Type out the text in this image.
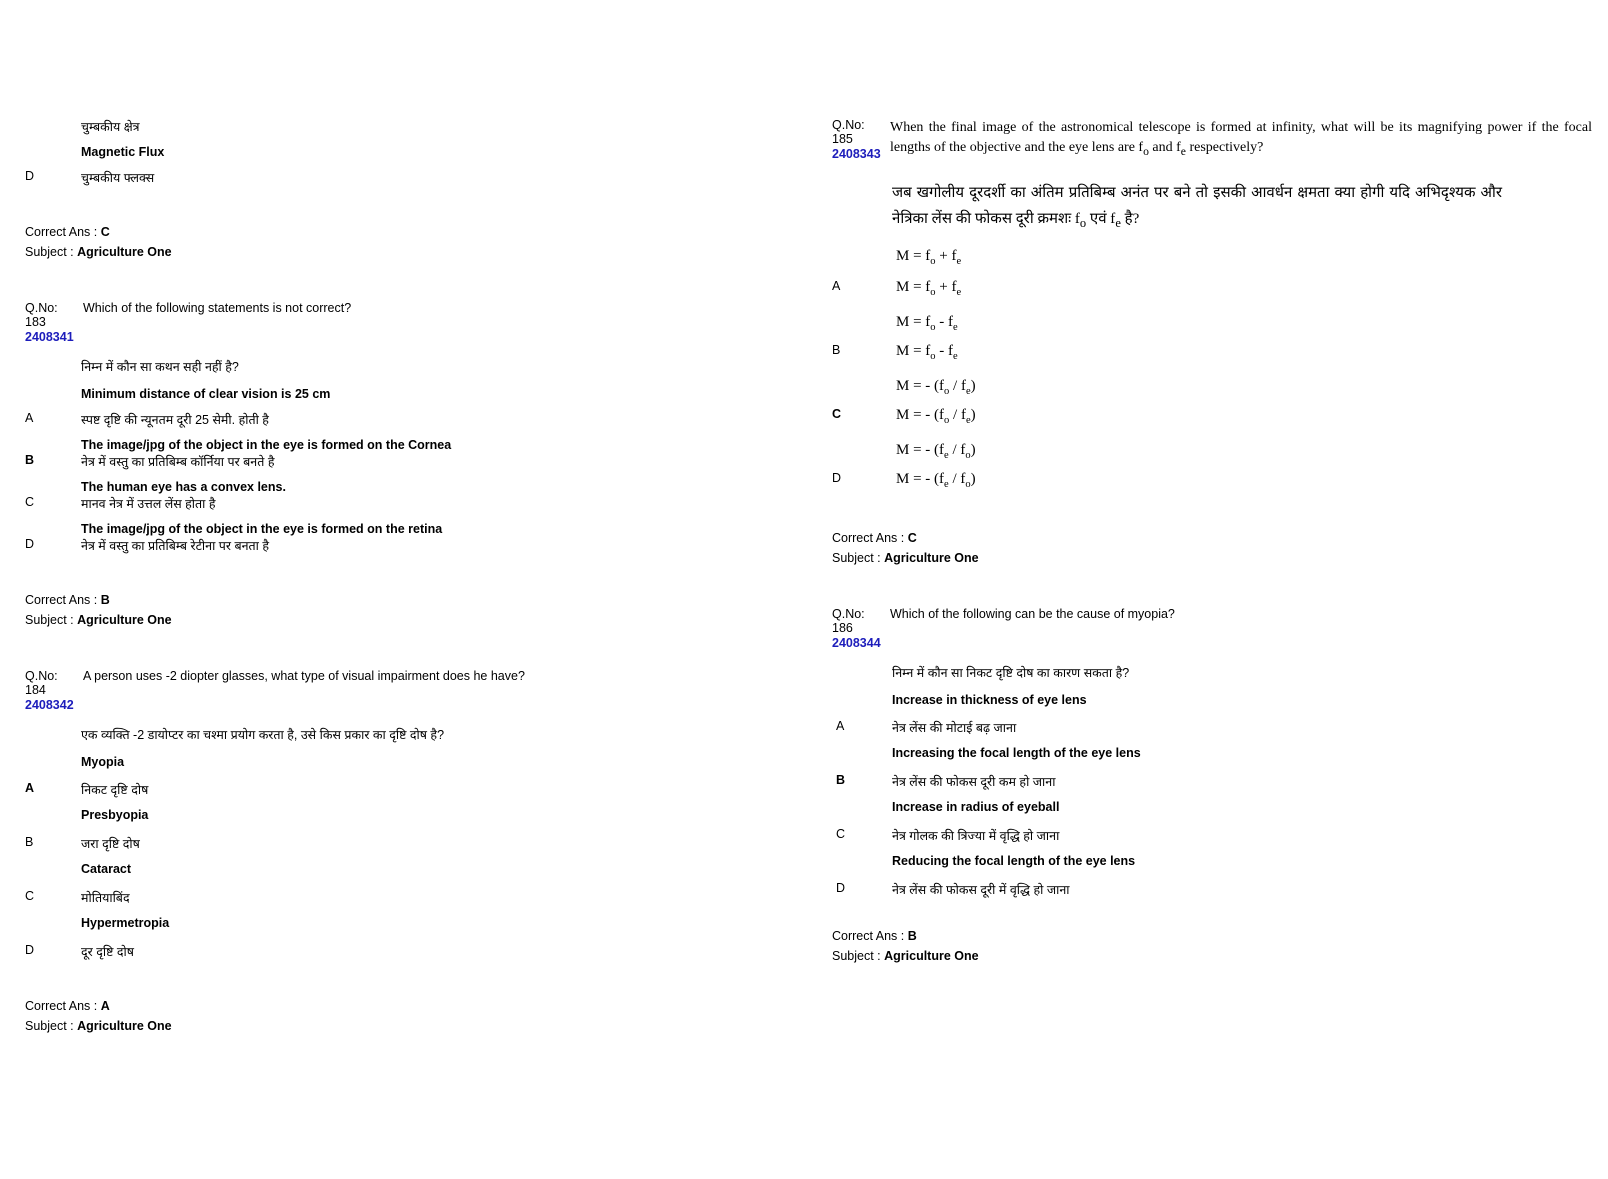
चुम्बकीय क्षेत्र
Magnetic Flux
D	चुम्बकीय फ्लक्स
Correct Ans : C
Subject : Agriculture One
Q.No: 183
2408341
Which of the following statements is not correct?
निम्न में कौन सा कथन सही नहीं है?
Minimum distance of clear vision is 25 cm
A	स्पष्ट दृष्टि की न्यूनतम दूरी 25 सेमी. होती है
The image/jpg of the object in the eye is formed on the Cornea
B	नेत्र में वस्तु का प्रतिबिम्ब कॉर्निया पर बनते है
The human eye has a convex lens.
C	मानव नेत्र में उत्तल लेंस होता है
The image/jpg of the object in the eye is formed on the retina
D	नेत्र में वस्तु का प्रतिबिम्ब रेटीना पर बनता है
Correct Ans : B
Subject : Agriculture One
Q.No: 184
2408342
A person uses -2 diopter glasses, what type of visual impairment does he have?
एक व्यक्ति -2 डायोप्टर का चश्मा प्रयोग करता है, उसे किस प्रकार का दृष्टि दोष है?
Myopia
A	निकट दृष्टि दोष
Presbyopia
B	जरा दृष्टि दोष
Cataract
C	मोतियाबिंद
Hypermetropia
D	दूर दृष्टि दोष
Correct Ans : A
Subject : Agriculture One
Q.No: 185
2408343
When the final image of the astronomical telescope is formed at infinity, what will be its magnifying power if the focal lengths of the objective and the eye lens are $f_o$ and $f_e$ respectively?
जब खगोलीय दूरदर्शी का अंतिम प्रतिबिम्ब अनंत पर बने तो इसकी आवर्धन क्षमता क्या होगी यदि अभिदृश्यक और नेत्रिका लेंस की फोकस दूरी क्रमशः $f_o$ एवं $f_e$ है?
$M = f_o + f_e$
A	$M = f_o + f_e$
$M = f_o - f_e$
B	$M = f_o - f_e$
M = - $(f_o / f_e)$
C	M = - $(f_o / f_e)$
M = - $(f_e / f_o)$
D	M = - $(f_e / f_o)$
Correct Ans : C
Subject : Agriculture One
Q.No: 186
2408344
Which of the following can be the cause of myopia?
निम्न में कौन सा निकट दृष्टि दोष का कारण सकता है?
Increase in thickness of eye lens
A	नेत्र लेंस की मोटाई बढ़ जाना
Increasing the focal length of the eye lens
B	नेत्र लेंस की फोकस दूरी कम हो जाना
Increase in radius of eyeball
C	नेत्र गोलक की त्रिज्या में वृद्धि हो जाना
Reducing the focal length of the eye lens
D	नेत्र लेंस की फोकस दूरी में वृद्धि हो जाना
Correct Ans : B
Subject : Agriculture One
